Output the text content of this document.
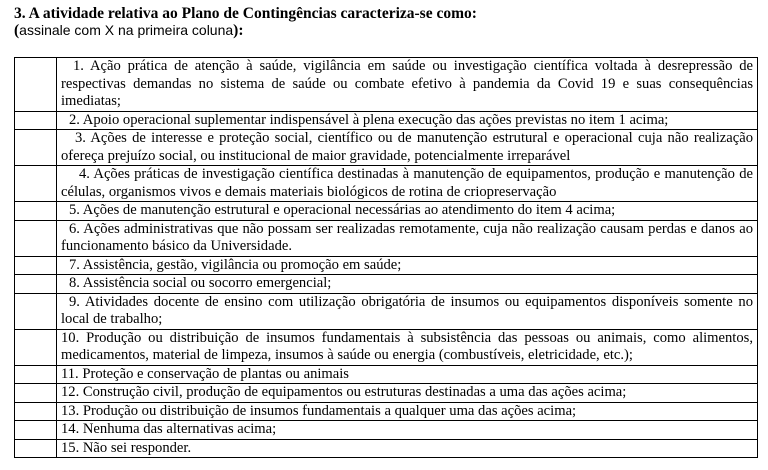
3. A atividade relativa ao Plano de Contingências caracteriza-se como:

(assinale com X na primeira coluna):

	1. Ação prática de atenção à saúde, vigilância em saúde ou investigação científica voltada à desrepressão de respectivas demandas no sistema de saúde ou combate efetivo à pandemia da Covid 19 e suas consequências imediatas;
	2. Apoio operacional suplementar indispensável à plena execução das ações previstas no item 1 acima;
	3. Ações de interesse e proteção social, científico ou de manutenção estrutural e operacional cuja não realização ofereça prejuízo social, ou institucional de maior gravidade, potencialmente irreparável
	4. Ações práticas de investigação científica destinadas à manutenção de equipamentos, produção e manutenção de células, organismos vivos e demais materiais biológicos de rotina de criopreservação
	5. Ações de manutenção estrutural e operacional necessárias ao atendimento do item 4 acima;
	6. Ações administrativas que não possam ser realizadas remotamente, cuja não realização causam perdas e danos ao funcionamento básico da Universidade.
	7. Assistência, gestão, vigilância ou promoção em saúde;
	8. Assistência social ou socorro emergencial;
	9. Atividades docente de ensino com utilização obrigatória de insumos ou equipamentos disponíveis somente no local de trabalho;
	10. Produção ou distribuição de insumos fundamentais à subsistência das pessoas ou animais, como alimentos, medicamentos, material de limpeza, insumos à saúde ou energia (combustíveis, eletricidade, etc.);
	11. Proteção e conservação de plantas ou animais
	12. Construção civil, produção de equipamentos ou estruturas destinadas a uma das ações acima;
	13. Produção ou distribuição de insumos fundamentais a qualquer uma das ações acima;
	14. Nenhuma das alternativas acima;
	15. Não sei responder.
